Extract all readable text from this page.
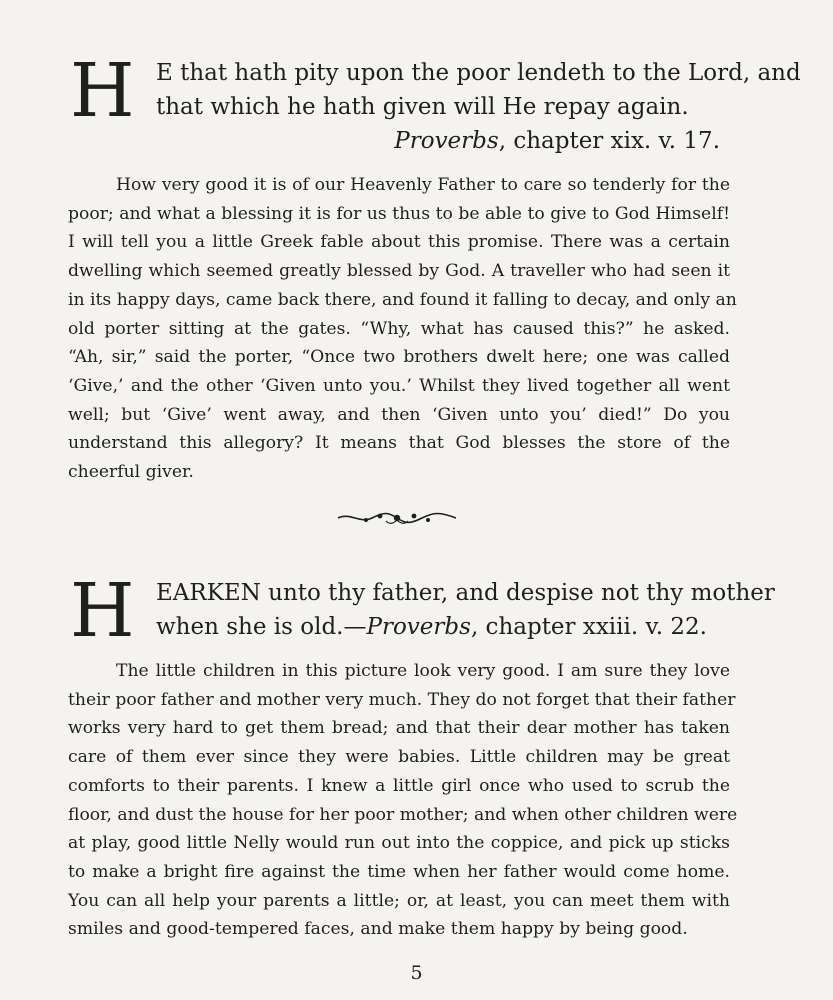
H E that hath pity upon the poor lendeth to the Lord, and
that which he hath given will He repay again.
Proverbs, chapter xix. v. 17.
How very good it is of our Heavenly Father to care so tenderly for the
poor; and what a blessing it is for us thus to be able to give to God Himself!
I will tell you a little Greek fable about this promise. There was a certain
dwelling which seemed greatly blessed by God. A traveller who had seen it
in its happy days, came back there, and found it falling to decay, and only an
old porter sitting at the gates. “Why, what has caused this?” he asked.
“Ah, sir,” said the porter, “Once two brothers dwelt here; one was called
‘Give,’ and the other ‘Given unto you.’ Whilst they lived together all went
well; but ‘Give’ went away, and then ‘Given unto you’ died!” Do you
understand this allegory? It means that God blesses the store of the
cheerful giver.
H EARKEN unto thy father, and despise not thy mother
when she is old.—Proverbs, chapter xxiii. v. 22.
The little children in this picture look very good. I am sure they love
their poor father and mother very much. They do not forget that their father
works very hard to get them bread; and that their dear mother has taken
care of them ever since they were babies. Little children may be great
comforts to their parents. I knew a little girl once who used to scrub the
floor, and dust the house for her poor mother; and when other children were
at play, good little Nelly would run out into the coppice, and pick up sticks
to make a bright fire against the time when her father would come home.
You can all help your parents a little; or, at least, you can meet them with
smiles and good-tempered faces, and make them happy by being good.
5
